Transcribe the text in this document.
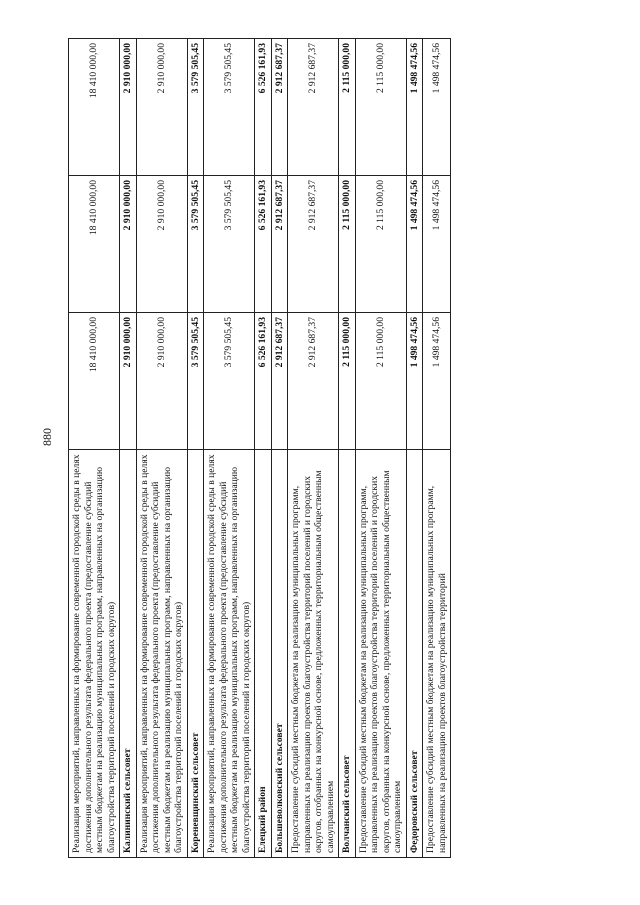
880
Реализация мероприятий, направленных на формирование современной городской среды в целях достижения дополнительного результата федерального проекта (предоставление субсидий местным бюджетам на реализацию муниципальных программ, направленных на организацию благоустройства территорий поселений и городских округов)	18 410 000,00	18 410 000,00	18 410 000,00
Калининский сельсовет	2 910 000,00	2 910 000,00	2 910 000,00
Реализация мероприятий, направленных на формирование современной городской среды в целях достижения дополнительного результата федерального проекта (предоставление субсидий местным бюджетам на реализацию муниципальных программ, направленных на организацию благоустройства территорий поселений и городских округов)	2 910 000,00	2 910 000,00	2 910 000,00
Кореневщинский сельсовет	3 579 505,45	3 579 505,45	3 579 505,45
Реализация мероприятий, направленных на формирование современной городской среды в целях достижения дополнительного результата федерального проекта (предоставление субсидий местным бюджетам на реализацию муниципальных программ, направленных на организацию благоустройства территорий поселений и городских округов)	3 579 505,45	3 579 505,45	3 579 505,45
Елецкий район	6 526 161,93	6 526 161,93	6 526 161,93
Большеволковский сельсовет	2 912 687,37	2 912 687,37	2 912 687,37
Предоставление субсидий местным бюджетам на реализацию муниципальных программ, направленных на реализацию проектов благоустройства территорий поселений и городских округов, отобранных на конкурсной основе, предложенных территориальным общественным самоуправлением	2 912 687,37	2 912 687,37	2 912 687,37
Волчанский сельсовет	2 115 000,00	2 115 000,00	2 115 000,00
Предоставление субсидий местным бюджетам на реализацию муниципальных программ, направленных на реализацию проектов благоустройства территорий поселений и городских округов, отобранных на конкурсной основе, предложенных территориальным общественным самоуправлением	2 115 000,00	2 115 000,00	2 115 000,00
Федоровский сельсовет	1 498 474,56	1 498 474,56	1 498 474,56
Предоставление субсидий местным бюджетам на реализацию муниципальных программ, направленных на реализацию проектов благоустройства территорий	1 498 474,56	1 498 474,56	1 498 474,56
